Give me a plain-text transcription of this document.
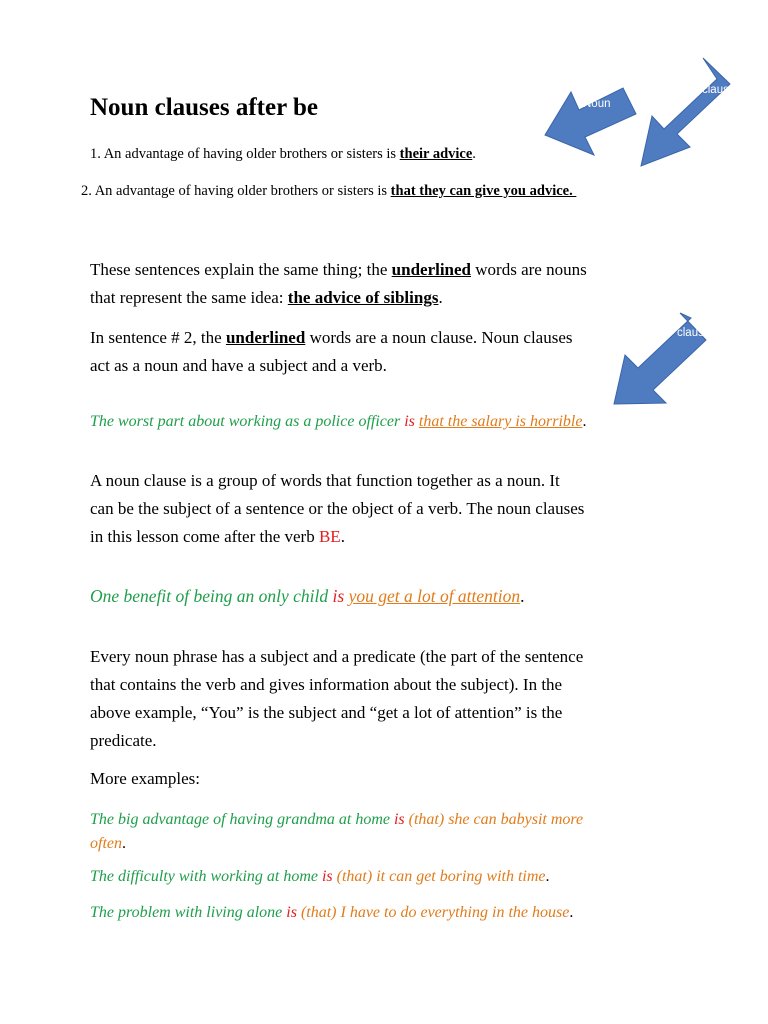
Noun clauses after be	Noun
clause
clause
1. An advantage of having older brothers or sisters is their advice.
2. An advantage of having older brothers or sisters is that they can give you advice.
These sentences explain the same thing; the underlined words are nouns
that represent the same idea: the advice of siblings.
In sentence # 2, the underlined words are a noun clause. Noun clauses
act as a noun and have a subject and a verb.
The worst part about working as a police officer is that the salary is horrible.
A noun clause is a group of words that function together as a noun. It
can be the subject of a sentence or the object of a verb. The noun clauses
in this lesson come after the verb BE.
One benefit of being an only child is you get a lot of attention.
Every noun phrase has a subject and a predicate (the part of the sentence
that contains the verb and gives information about the subject). In the
above example, “You” is the subject and “get a lot of attention” is the
predicate.
More examples:
The big advantage of having grandma at home is (that) she can babysit more
often.
The difficulty with working at home is (that) it can get boring with time.
The problem with living alone is (that) I have to do everything in the house.
